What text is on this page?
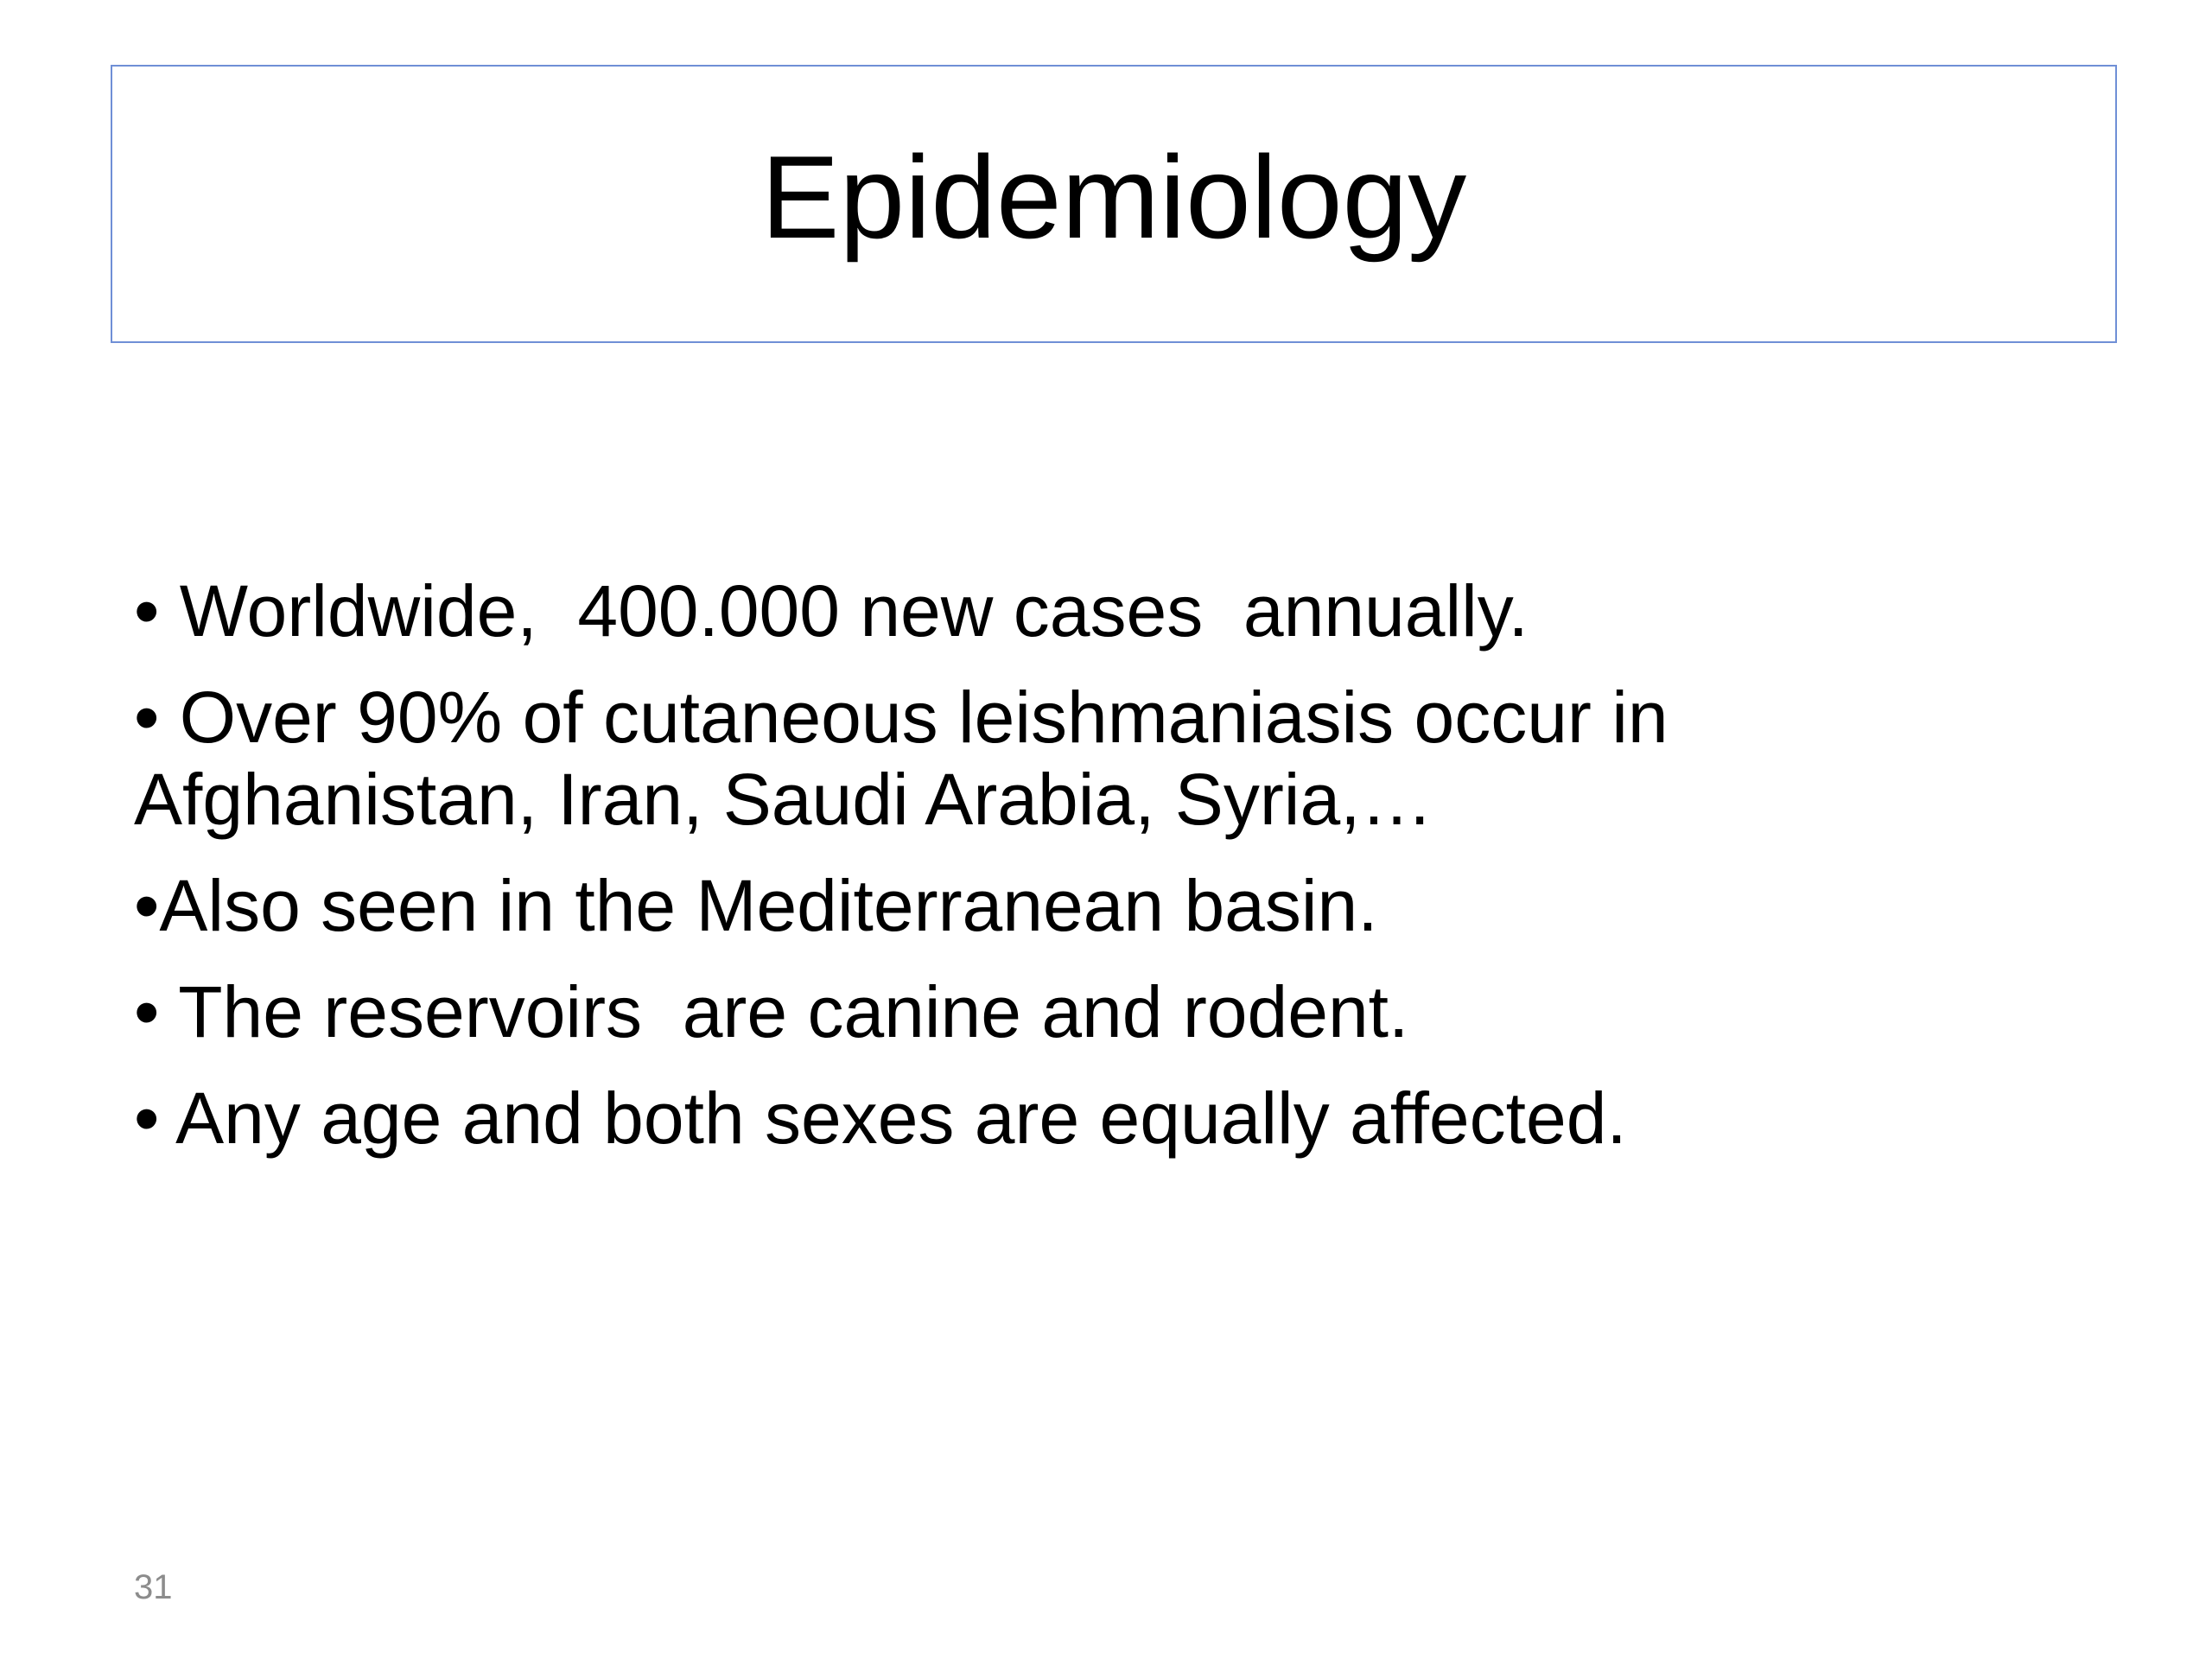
Epidemiology

• Worldwide,  400.000 new cases  annually.

• Over 90% of cutaneous leishmaniasis occur in Afghanistan, Iran, Saudi Arabia, Syria,…

•Also seen in the Mediterranean basin.

• The reservoirs  are canine and rodent.

• Any age and both sexes are equally affected.

31
